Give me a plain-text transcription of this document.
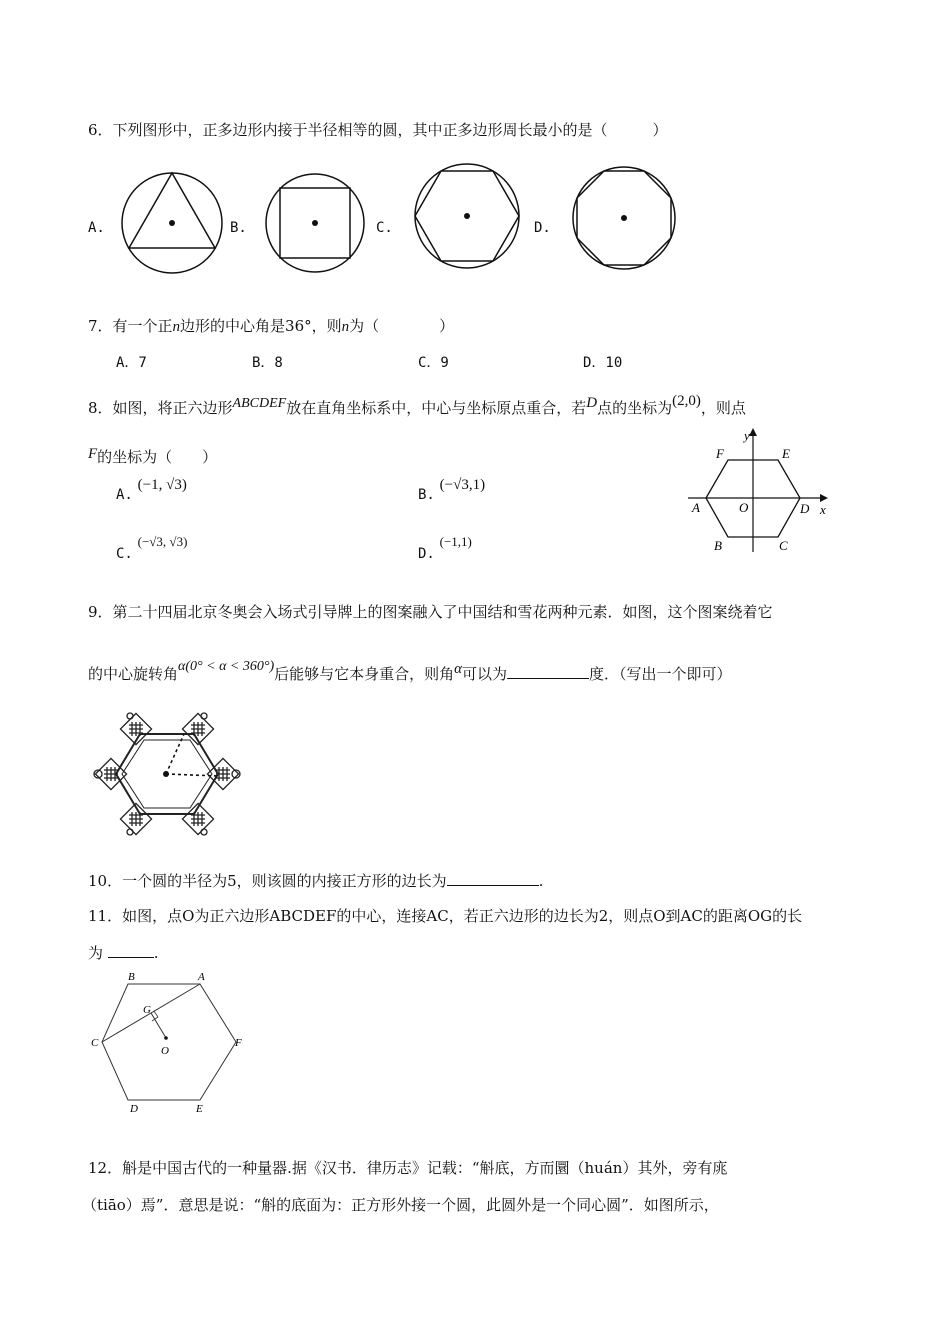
6．下列图形中，正多边形内接于半径相等的圆，其中正多边形周长最小的是（　　　）
A.	B.	C.	D.
7．有一个正n边形的中心角是36°，则n为（　　　　）
A．7	B．8	C．9	D．10
8．如图，将正六边形ABCDEF放在直角坐标系中，中心与坐标原点重合，若D点的坐标为(2,0)，则点
F的坐标为（　　）
A. (−1, √3)
B. (−√3,1)
C. (−√3, √3)
D. (−1,1)
y
x
F	E
A	O	D
B	C
9．第二十四届北京冬奥会入场式引导牌上的图案融入了中国结和雪花两种元素．如图，这个图案绕着它
的中心旋转角α(0° < α < 360°)后能够与它本身重合，则角α可以为	度．（写出一个即可）
10．一个圆的半径为5，则该圆的内接正方形的边长为	.
11．如图，点O为正六边形ABCDEF的中心，连接AC，若正六边形的边长为2，则点O到AC的距离OG的长
为	.
B	A
G
C
O
F
D	E
12．斛是中国古代的一种量器.据《汉书．律历志》记载：“斛底，方而圜（huán）其外，旁有庣
（tiāo）焉”．意思是说：“斛的底面为：正方形外接一个圆，此圆外是一个同心圆”．如图所示，
